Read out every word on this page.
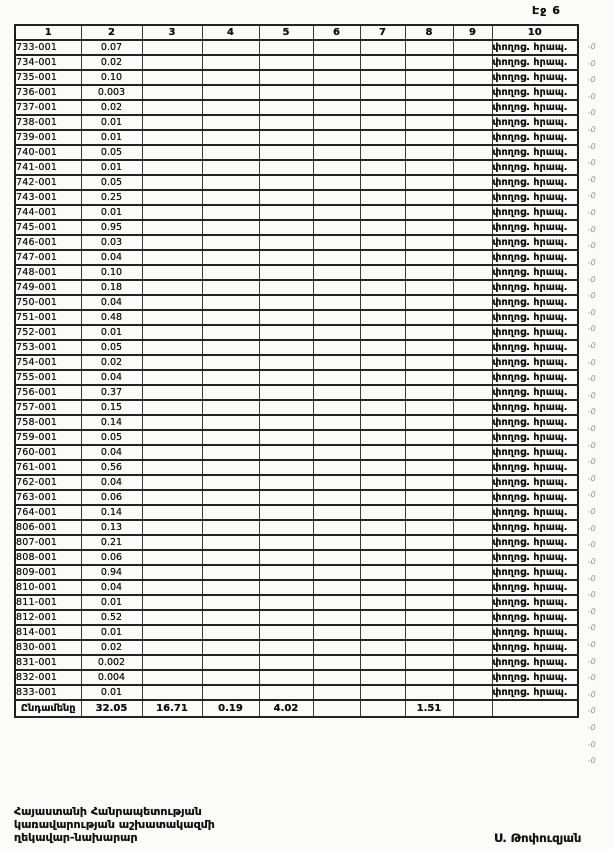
Էջ 6
1	2	3	4	5	6	7	8	9	10
733-001	0.07								փողոց. հրապ.
734-001	0.02								փողոց. հրապ.
735-001	0.10								փողոց. հրապ.
736-001	0.003								փողոց. հրապ.
737-001	0.02								փողոց. հրապ.
738-001	0.01								փողոց. հրապ.
739-001	0.01								փողոց. հրապ.
740-001	0.05								փողոց. հրապ.
741-001	0.01								փողոց. հրապ.
742-001	0.05								փողոց. հրապ.
743-001	0.25								փողոց. հրապ.
744-001	0.01								փողոց. հրապ.
745-001	0.95								փողոց. հրապ.
746-001	0.03								փողոց. հրապ.
747-001	0.04								փողոց. հրապ.
748-001	0.10								փողոց. հրապ.
749-001	0.18								փողոց. հրապ.
750-001	0.04								փողոց. հրապ.
751-001	0.48								փողոց. հրապ.
752-001	0.01								փողոց. հրապ.
753-001	0.05								փողոց. հրապ.
754-001	0.02								փողոց. հրապ.
755-001	0.04								փողոց. հրապ.
756-001	0.37								փողոց. հրապ.
757-001	0.15								փողոց. հրապ.
758-001	0.14								փողոց. հրապ.
759-001	0.05								փողոց. հրապ.
760-001	0.04								փողոց. հրապ.
761-001	0.56								փողոց. հրապ.
762-001	0.04								փողոց. հրապ.
763-001	0.06								փողոց. հրապ.
764-001	0.14								փողոց. հրապ.
806-001	0.13								փողոց. հրապ.
807-001	0.21								փողոց. հրապ.
808-001	0.06								փողոց. հրապ.
809-001	0.94								փողոց. հրապ.
810-001	0.04								փողոց. հրապ.
811-001	0.01								փողոց. հրապ.
812-001	0.52								փողոց. հրապ.
814-001	0.01								փողոց. հրապ.
830-001	0.02								փողոց. հրապ.
831-001	0.002								փողոց. հրապ.
832-001	0.004								փողոց. հրապ.
833-001	0.01								փողոց. հրապ.
Ընդամենը	32.05	16.71	0.19	4.02			1.51		
֊0
֊0
֊0
֊0
֊0
֊0
֊0
֊0
֊0
֊0
֊0
֊0
֊0
֊0
֊0
֊0
֊0
֊0
֊0
֊0
֊0
֊0
֊0
֊0
֊0
֊0
֊0
֊0
֊0
֊0
֊0
֊0
֊0
֊0
֊0
֊0
֊0
֊0
֊0
֊0
֊0
֊0
֊0
֊0
Հայաստանի Հանրապետության
կառավարության աշխատակազմի
ղեկավար-նախարար	Ս. Թոփուզյան
